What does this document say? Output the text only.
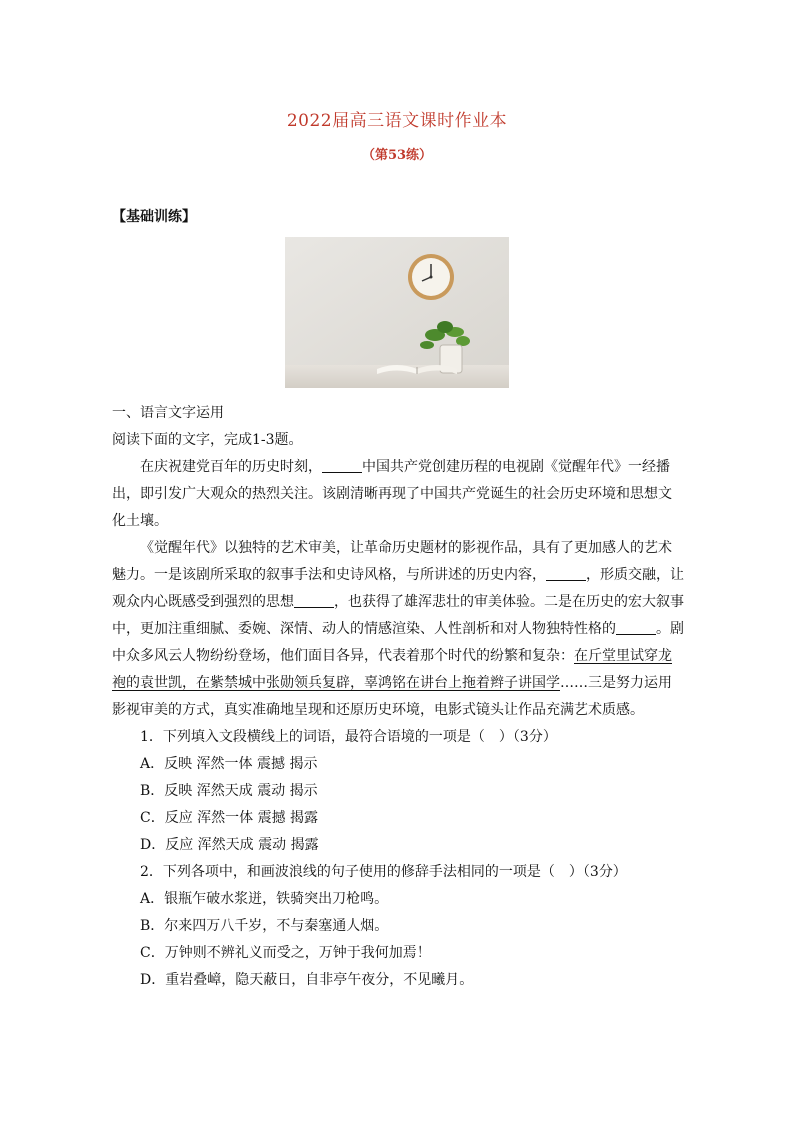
2022届高三语文课时作业本
（第53练）
【基础训练】

一、语言文字运用

阅读下面的文字，完成1-3题。

在庆祝建党百年的历史时刻，	中国共产党创建历程的电视剧《觉醒年代》一经播出，即引发广大观众的热烈关注。该剧清晰再现了中国共产党诞生的社会历史环境和思想文化土壤。

《觉醒年代》以独特的艺术审美，让革命历史题材的影视作品，具有了更加感人的艺术魅力。一是该剧所采取的叙事手法和史诗风格，与所讲述的历史内容，	，形质交融，让观众内心既感受到强烈的思想	，也获得了雄浑悲壮的审美体验。二是在历史的宏大叙事中，更加注重细腻、委婉、深情、动人的情感渲染、人性剖析和对人物独特性格的	。剧中众多风云人物纷纷登场，他们面目各异，代表着那个时代的纷繁和复杂：在斤堂里试穿龙袍的袁世凯，在紫禁城中张勋领兵复辟，辜鸿铭在讲台上拖着辫子讲国学……三是努力运用影视审美的方式，真实准确地呈现和还原历史环境，电影式镜头让作品充满艺术质感。

1．下列填入文段横线上的词语，最符合语境的一项是（　）（3分）

A．反映 浑然一体 震撼 揭示

B．反映 浑然天成 震动 揭示

C．反应 浑然一体 震撼 揭露

D．反应 浑然天成 震动 揭露

2．下列各项中，和画波浪线的句子使用的修辞手法相同的一项是（　）（3分）

A．银瓶乍破水浆迸，铁骑突出刀枪鸣。

B．尔来四万八千岁，不与秦塞通人烟。

C．万钟则不辨礼义而受之，万钟于我何加焉！

D．重岩叠嶂，隐天蔽日，自非亭午夜分，不见曦月。
